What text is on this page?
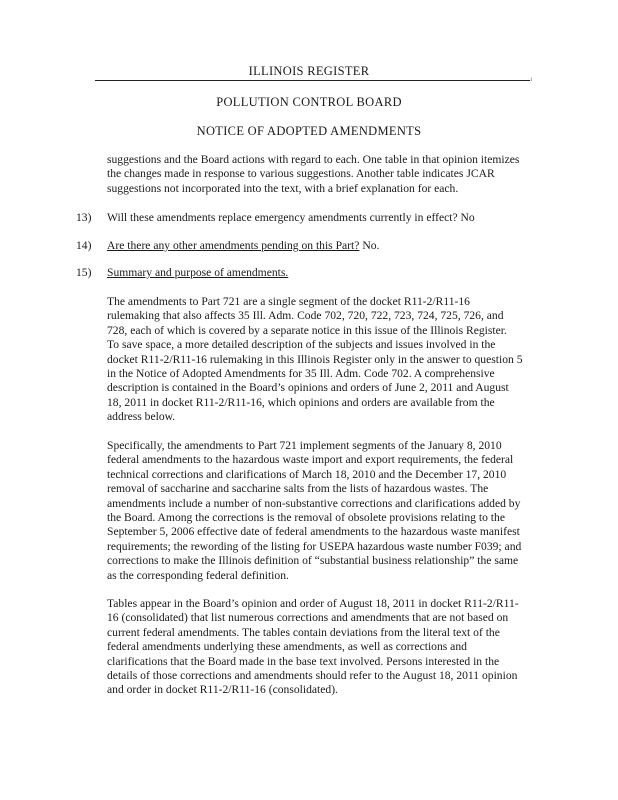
ILLINOIS REGISTER
1
POLLUTION CONTROL BOARD
NOTICE OF ADOPTED AMENDMENTS
suggestions and the Board actions with regard to each. One table in that opinion itemizes
the changes made in response to various suggestions. Another table indicates JCAR
suggestions not incorporated into the text, with a brief explanation for each.
13) Will these amendments replace emergency amendments currently in effect? No
14) Are there any other amendments pending on this Part? No.
15) Summary and purpose of amendments.
The amendments to Part 721 are a single segment of the docket R11-2/R11-16
rulemaking that also affects 35 Ill. Adm. Code 702, 720, 722, 723, 724, 725, 726, and
728, each of which is covered by a separate notice in this issue of the Illinois Register.
To save space, a more detailed description of the subjects and issues involved in the
docket R11-2/R11-16 rulemaking in this Illinois Register only in the answer to question 5
in the Notice of Adopted Amendments for 35 Ill. Adm. Code 702. A comprehensive
description is contained in the Board’s opinions and orders of June 2, 2011 and August
18, 2011 in docket R11-2/R11-16, which opinions and orders are available from the
address below.
Specifically, the amendments to Part 721 implement segments of the January 8, 2010
federal amendments to the hazardous waste import and export requirements, the federal
technical corrections and clarifications of March 18, 2010 and the December 17, 2010
removal of saccharine and saccharine salts from the lists of hazardous wastes. The
amendments include a number of non-substantive corrections and clarifications added by
the Board. Among the corrections is the removal of obsolete provisions relating to the
September 5, 2006 effective date of federal amendments to the hazardous waste manifest
requirements; the rewording of the listing for USEPA hazardous waste number F039; and
corrections to make the Illinois definition of “substantial business relationship” the same
as the corresponding federal definition.
Tables appear in the Board’s opinion and order of August 18, 2011 in docket R11-2/R11-
16 (consolidated) that list numerous corrections and amendments that are not based on
current federal amendments. The tables contain deviations from the literal text of the
federal amendments underlying these amendments, as well as corrections and
clarifications that the Board made in the base text involved. Persons interested in the
details of those corrections and amendments should refer to the August 18, 2011 opinion
and order in docket R11-2/R11-16 (consolidated).
